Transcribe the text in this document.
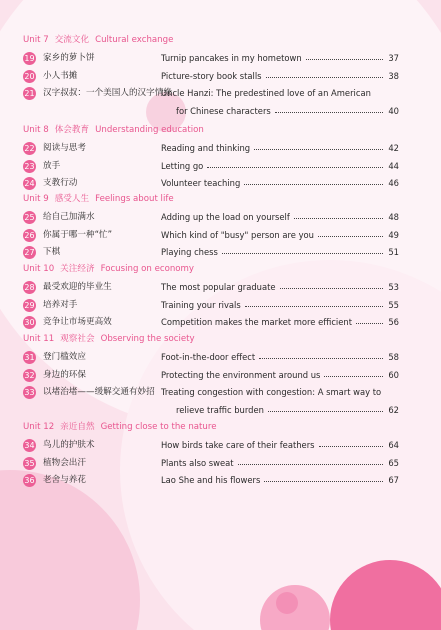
Unit 7 交流文化 Cultural exchange
19 家乡的萝卜饼	Turnip pancakes in my hometown	37
20 小人书摊	Picture-story book stalls	38
21 汉字叔叔：一个美国人的汉字情缘
Uncle Hanzi: The predestined love of an American
for Chinese characters	40
Unit 8 体会教育 Understanding education
22 阅读与思考	Reading and thinking	42
23 放手	Letting go	44
24 支教行动	Volunteer teaching	46
Unit 9 感受人生 Feelings about life
25 给自己加满水	Adding up the load on yourself	48
26 你属于哪一种“忙”	Which kind of "busy" person are you	49
27 下棋	Playing chess	51
Unit 10 关注经济 Focusing on economy
28 最受欢迎的毕业生	The most popular graduate	53
29 培养对手	Training your rivals	55
30 竞争让市场更高效	Competition makes the market more efficient	56
Unit 11 观察社会 Observing the society
31 登门槛效应	Foot-in-the-door effect	58
32 身边的环保	Protecting the environment around us	60
33 以堵治堵——缓解交通有妙招 Treating congestion with congestion: A smart way to
relieve traffic burden	62
Unit 12 亲近自然 Getting close to the nature
34 鸟儿的护肤术	How birds take care of their feathers	64
35 植物会出汗	Plants also sweat	65
36 老舍与养花	Lao She and his flowers	67
